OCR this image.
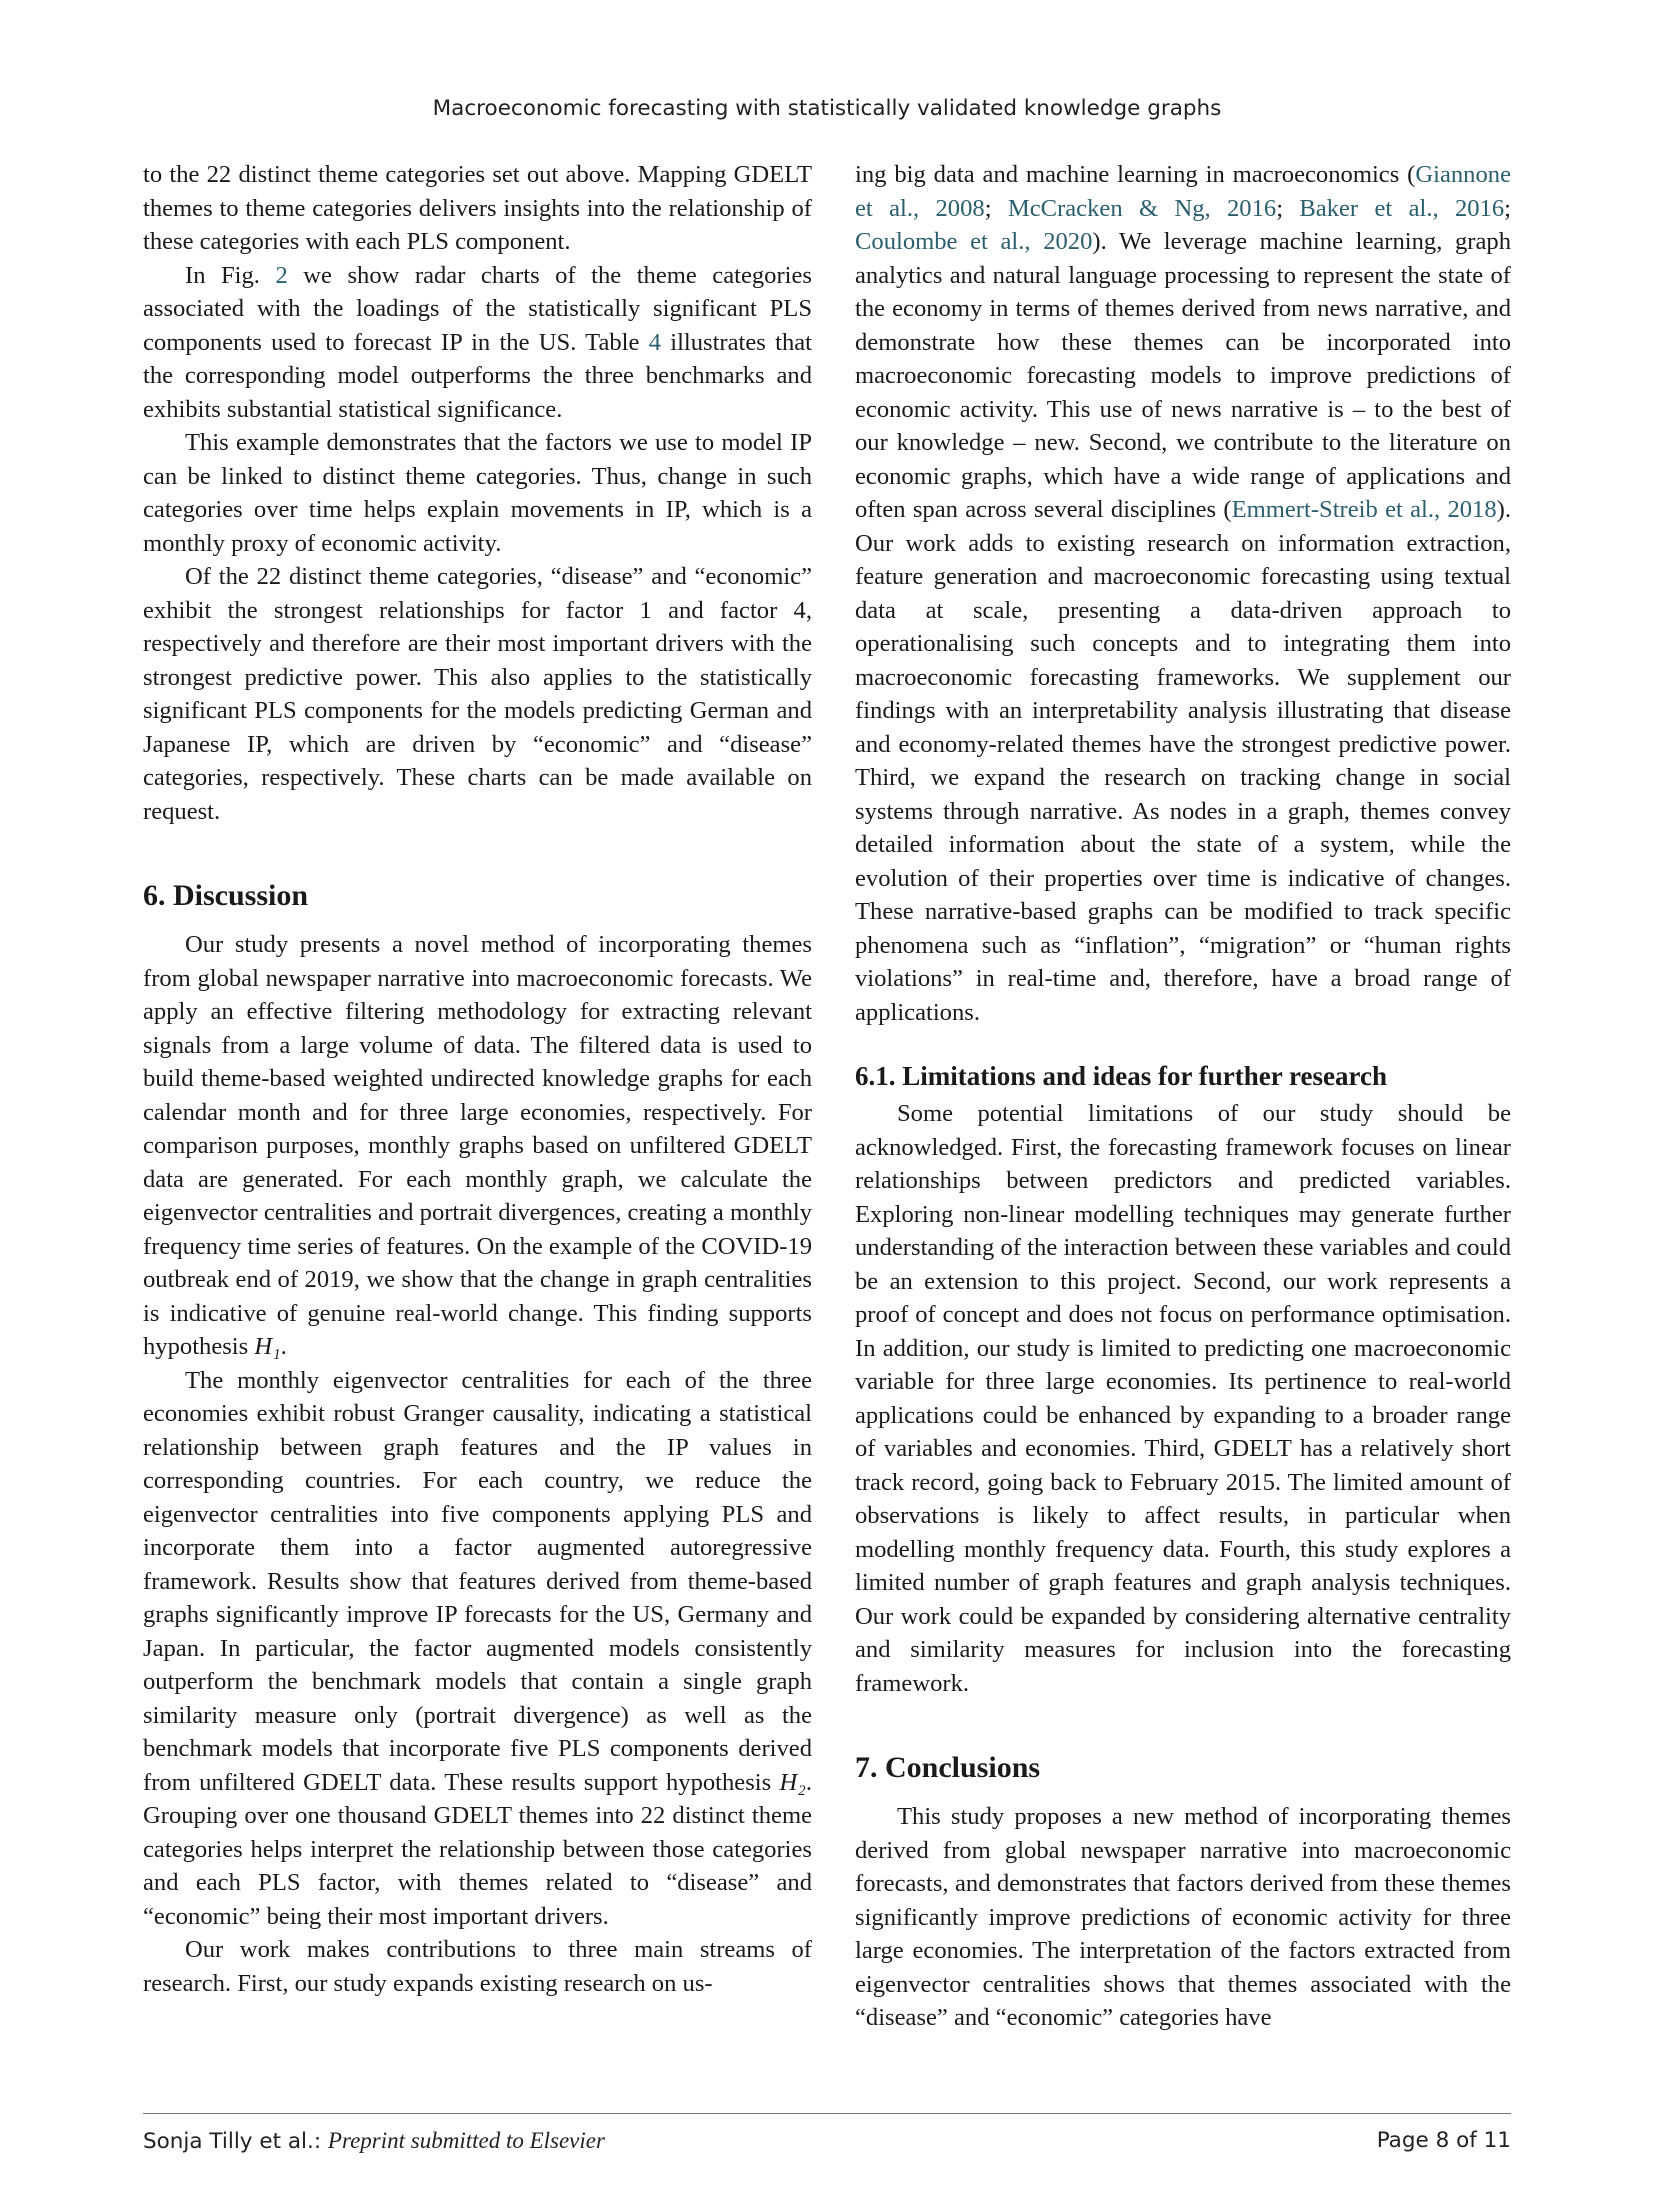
Macroeconomic forecasting with statistically validated knowledge graphs

to the 22 distinct theme categories set out above. Mapping GDELT themes to theme categories delivers insights into the relationship of these categories with each PLS component.

In Fig. 2 we show radar charts of the theme categories associated with the loadings of the statistically significant PLS components used to forecast IP in the US. Table 4 illustrates that the corresponding model outperforms the three benchmarks and exhibits substantial statistical significance.

This example demonstrates that the factors we use to model IP can be linked to distinct theme categories. Thus, change in such categories over time helps explain movements in IP, which is a monthly proxy of economic activity.

Of the 22 distinct theme categories, “disease” and “economic” exhibit the strongest relationships for factor 1 and factor 4, respectively and therefore are their most important drivers with the strongest predictive power. This also applies to the statistically significant PLS components for the models predicting German and Japanese IP, which are driven by “economic” and “disease” categories, respectively. These charts can be made available on request.

6. Discussion

Our study presents a novel method of incorporating themes from global newspaper narrative into macroeconomic forecasts. We apply an effective filtering methodology for extracting relevant signals from a large volume of data. The filtered data is used to build theme-based weighted undirected knowledge graphs for each calendar month and for three large economies, respectively. For comparison purposes, monthly graphs based on unfiltered GDELT data are generated. For each monthly graph, we calculate the eigenvector centralities and portrait divergences, creating a monthly frequency time series of features. On the example of the COVID-19 outbreak end of 2019, we show that the change in graph centralities is indicative of genuine real-world change. This finding supports hypothesis H₁.

The monthly eigenvector centralities for each of the three economies exhibit robust Granger causality, indicating a statistical relationship between graph features and the IP values in corresponding countries. For each country, we reduce the eigenvector centralities into five components applying PLS and incorporate them into a factor augmented autoregressive framework. Results show that features derived from theme-based graphs significantly improve IP forecasts for the US, Germany and Japan. In particular, the factor augmented models consistently outperform the benchmark models that contain a single graph similarity measure only (portrait divergence) as well as the benchmark models that incorporate five PLS components derived from unfiltered GDELT data. These results support hypothesis H₂. Grouping over one thousand GDELT themes into 22 distinct theme categories helps interpret the relationship between those categories and each PLS factor, with themes related to “disease” and “economic” being their most important drivers.

Our work makes contributions to three main streams of research. First, our study expands existing research on us-

ing big data and machine learning in macroeconomics (Giannone et al., 2008; McCracken & Ng, 2016; Baker et al., 2016; Coulombe et al., 2020). We leverage machine learning, graph analytics and natural language processing to represent the state of the economy in terms of themes derived from news narrative, and demonstrate how these themes can be incorporated into macroeconomic forecasting models to improve predictions of economic activity. This use of news narrative is – to the best of our knowledge – new. Second, we contribute to the literature on economic graphs, which have a wide range of applications and often span across several disciplines (Emmert-Streib et al., 2018). Our work adds to existing research on information extraction, feature generation and macroeconomic forecasting using textual data at scale, presenting a data-driven approach to operationalising such concepts and to integrating them into macroeconomic forecasting frameworks. We supplement our findings with an interpretability analysis illustrating that disease and economy-related themes have the strongest predictive power. Third, we expand the research on tracking change in social systems through narrative. As nodes in a graph, themes convey detailed information about the state of a system, while the evolution of their properties over time is indicative of changes. These narrative-based graphs can be modified to track specific phenomena such as “inflation”, “migration” or “human rights violations” in real-time and, therefore, have a broad range of applications.

6.1. Limitations and ideas for further research

Some potential limitations of our study should be acknowledged. First, the forecasting framework focuses on linear relationships between predictors and predicted variables. Exploring non-linear modelling techniques may generate further understanding of the interaction between these variables and could be an extension to this project. Second, our work represents a proof of concept and does not focus on performance optimisation. In addition, our study is limited to predicting one macroeconomic variable for three large economies. Its pertinence to real-world applications could be enhanced by expanding to a broader range of variables and economies. Third, GDELT has a relatively short track record, going back to February 2015. The limited amount of observations is likely to affect results, in particular when modelling monthly frequency data. Fourth, this study explores a limited number of graph features and graph analysis techniques. Our work could be expanded by considering alternative centrality and similarity measures for inclusion into the forecasting framework.

7. Conclusions

This study proposes a new method of incorporating themes derived from global newspaper narrative into macroeconomic forecasts, and demonstrates that factors derived from these themes significantly improve predictions of economic activity for three large economies. The interpretation of the factors extracted from eigenvector centralities shows that themes associated with the “disease” and “economic” categories have

Sonja Tilly et al.: Preprint submitted to Elsevier	Page 8 of 11
